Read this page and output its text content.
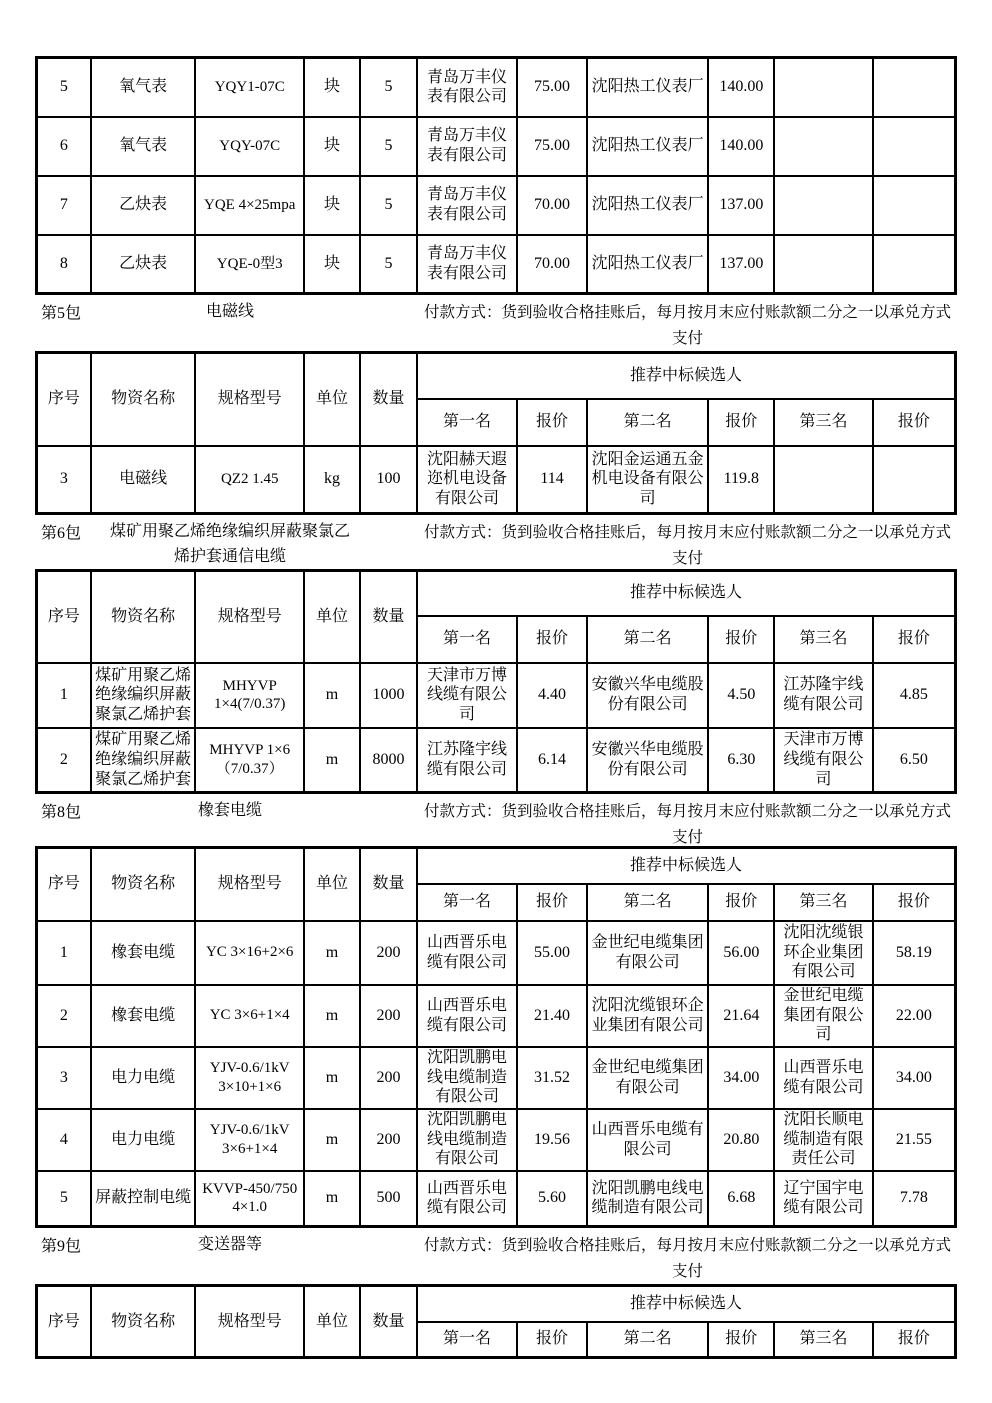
5	氧气表	YQY1-07C	块	5	青岛万丰仪表有限公司	75.00	沈阳热工仪表厂	140.00		

6	氧气表	YQY-07C	块	5	青岛万丰仪表有限公司	75.00	沈阳热工仪表厂	140.00		

7	乙炔表	YQE 4×25mpa	块	5	青岛万丰仪表有限公司	70.00	沈阳热工仪表厂	137.00		

8	乙炔表	YQE-0型3	块	5	青岛万丰仪表有限公司	70.00	沈阳热工仪表厂	137.00		

第5包	电磁线	付款方式：货到验收合格挂账后，每月按月末应付账款额二分之一以承兑方式支付
序号	物资名称	规格型号	单位	数量	推荐中标候选人					
					第一名	报价	第二名	报价	第三名	报价

3	电磁线	QZ2 1.45	kg	100	沈阳赫天遐迩机电设备有限公司	114	沈阳金运通五金机电设备有限公司	119.8		

第6包	煤矿用聚乙烯绝缘编织屏蔽聚氯乙烯护套通信电缆
付款方式：货到验收合格挂账后，每月按月末应付账款额二分之一以承兑方式支付
序号	物资名称	规格型号	单位	数量	推荐中标候选人					
					第一名	报价	第二名	报价	第三名	报价

1	煤矿用聚乙烯绝缘编织屏蔽聚氯乙烯护套	MHYVP 1×4(7/0.37)	m	1000	天津市万博线缆有限公司	4.40	安徽兴华电缆股份有限公司	4.50	江苏隆宇线缆有限公司	4.85

2	煤矿用聚乙烯绝缘编织屏蔽聚氯乙烯护套	MHYVP 1×6（7/0.37）	m	8000	江苏隆宇线缆有限公司	6.14	安徽兴华电缆股份有限公司	6.30	天津市万博线缆有限公司	6.50
第8包	橡套电缆	付款方式：货到验收合格挂账后，每月按月末应付账款额二分之一以承兑方式支付
序号	物资名称	规格型号	单位	数量	推荐中标候选人					
					第一名	报价	第二名	报价	第三名	报价

1	橡套电缆	YC 3×16+2×6	m	200	山西晋乐电缆有限公司	55.00	金世纪电缆集团有限公司	56.00	沈阳沈缆银环企业集团有限公司	58.19

2	橡套电缆	YC 3×6+1×4	m	200	山西晋乐电缆有限公司	21.40	沈阳沈缆银环企业集团有限公司	21.64	金世纪电缆集团有限公司	22.00

3	电力电缆	YJV-0.6/1kV 3×10+1×6	m	200	沈阳凯鹏电线电缆制造有限公司	31.52	金世纪电缆集团有限公司	34.00	山西晋乐电缆有限公司	34.00

4	电力电缆	YJV-0.6/1kV 3×6+1×4	m	200	沈阳凯鹏电线电缆制造有限公司	19.56	山西晋乐电缆有限公司	20.80	沈阳长顺电缆制造有限责任公司	21.55

5	屏蔽控制电缆	KVVP-450/750 4×1.0	m	500	山西晋乐电缆有限公司	5.60	沈阳凯鹏电线电缆制造有限公司	6.68	辽宁国宇电缆有限公司	7.78
第9包	变送器等	付款方式：货到验收合格挂账后，每月按月末应付账款额二分之一以承兑方式支付
序号	物资名称	规格型号	单位	数量	推荐中标候选人					
					第一名	报价	第二名	报价	第三名	报价
